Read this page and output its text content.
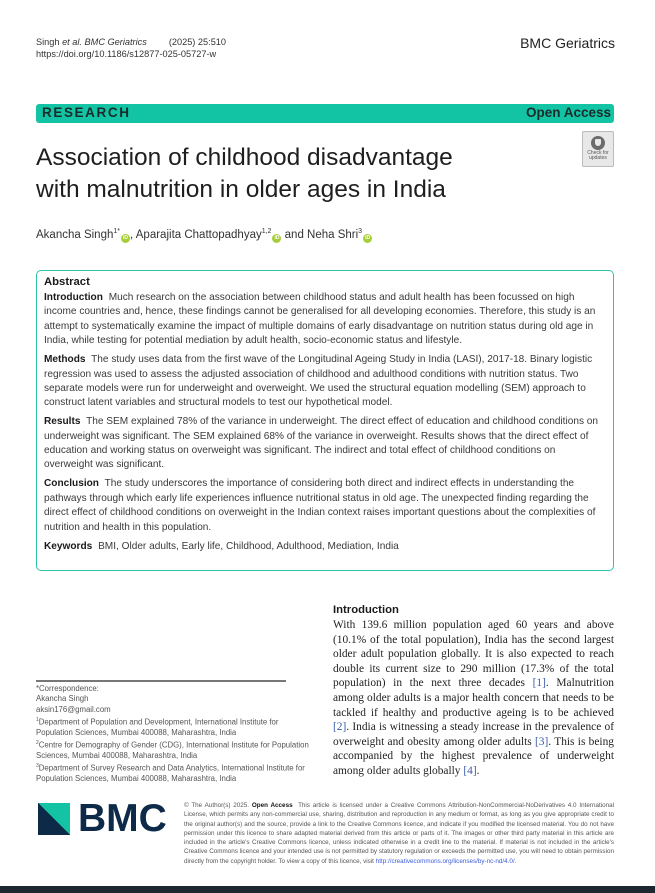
Singh et al. BMC Geriatrics (2025) 25:510
https://doi.org/10.1186/s12877-025-05727-w
BMC Geriatrics
RESEARCH	Open Access
Association of childhood disadvantage
with malnutrition in older ages in India
Check for
updates
Akancha Singh$^{1*}$iD , Aparajita Chattopadhyay$^{1,2}$iD and Neha Shri$^3$iD
Abstract

Introduction Much research on the association between childhood status and adult health has been focussed on high income countries and, hence, these findings cannot be generalised for all developing economies. Therefore, this study is an attempt to systematically examine the impact of multiple domains of early disadvantage on nutrition status during old age in India, while testing for potential mediation by adult health, socio-economic status and lifestyle.

Methods The study uses data from the first wave of the Longitudinal Ageing Study in India (LASI), 2017-18. Binary logistic regression was used to assess the adjusted association of childhood and adulthood conditions with nutrition status. Two separate models were run for underweight and overweight. We used the structural equation modelling (SEM) approach to construct latent variables and structural models to test our hypothetical model.

Results The SEM explained 78% of the variance in underweight. The direct effect of education and childhood conditions on underweight was significant. The SEM explained 68% of the variance in overweight. Results shows that the direct effect of education and working status on overweight was significant. The indirect and total effect of childhood conditions on overweight was significant.

Conclusion The study underscores the importance of considering both direct and indirect effects in understanding the pathways through which early life experiences influence nutritional status in old age. The unexpected finding regarding the direct effect of childhood conditions on overweight in the Indian context raises important questions about the complexities of nutrition and health in this population.

Keywords BMI, Older adults, Early life, Childhood, Adulthood, Mediation, India

Introduction
With 139.6 million population aged 60 years and above (10.1% of the total population), India has the second largest older adult population globally. It is also expected to reach double its current size to 290 million (17.3% of the total population) in the next three decades [1]. Malnutrition among older adults is a major health concern that needs to be tackled if healthy and productive ageing is to be achieved [2]. India is witnessing a steady increase in the prevalence of overweight and obesity among older adults [3]. This is being accompanied by the highest prevalence of underweight among older adults globally [4].
*Correspondence:
Akancha Singh
aksin176@gmail.com
$^1$Department of Population and Development, International Institute for Population Sciences, Mumbai 400088, Maharashtra, India
$^2$Centre for Demography of Gender (CDG), International Institute for Population Sciences, Mumbai 400088, Maharashtra, India
$^3$Department of Survey Research and Data Analytics, International Institute for Population Sciences, Mumbai 400088, Maharashtra, India
BMC	© The Author(s) 2025. Open Access This article is licensed under a Creative Commons Attribution-NonCommercial-NoDerivatives 4.0 International License, which permits any non-commercial use, sharing, distribution and reproduction in any medium or format, as long as you give appropriate credit to the original author(s) and the source, provide a link to the Creative Commons licence, and indicate if you modified the licensed material. You do not have permission under this licence to share adapted material derived from this article or parts of it. The images or other third party material in this article are included in the article's Creative Commons licence, unless indicated otherwise in a credit line to the material. If material is not included in the article's Creative Commons licence and your intended use is not permitted by statutory regulation or exceeds the permitted use, you will need to obtain permission directly from the copyright holder. To view a copy of this licence, visit http://creativecommons.org/licenses/by-nc-nd/4.0/.
